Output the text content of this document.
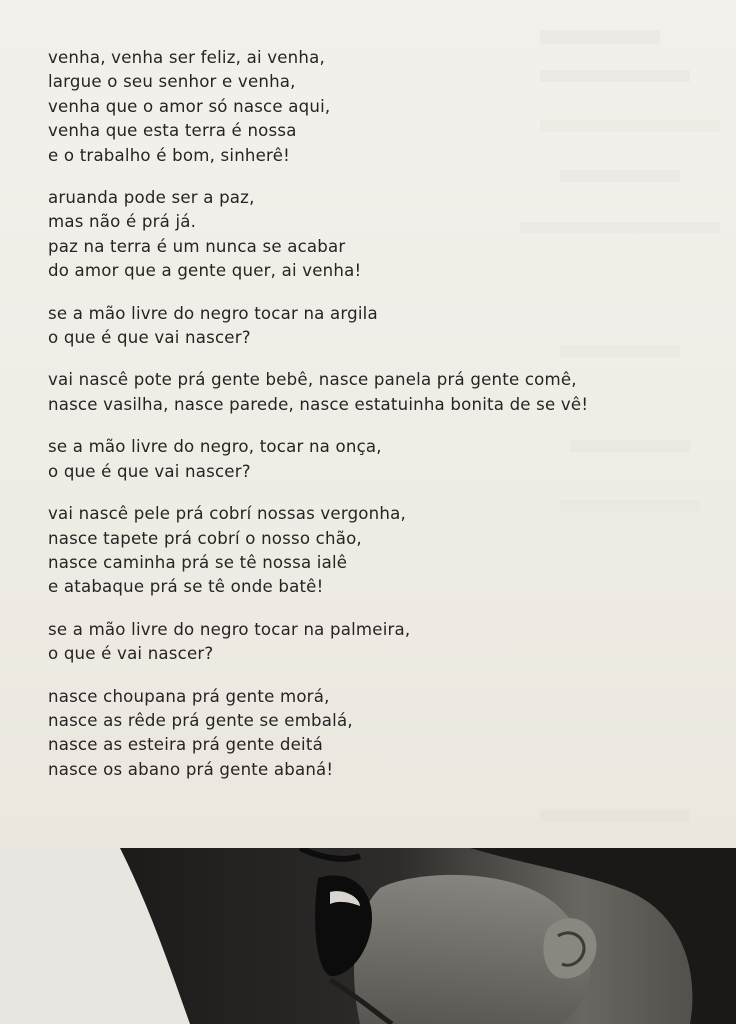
venha, venha ser feliz, ai venha,
largue o seu senhor e venha,
venha que o amor só nasce aqui,
venha que esta terra é nossa
e o trabalho é bom, sinherê!
aruanda pode ser a paz,
mas não é prá já.
paz na terra é um nunca se acabar
do amor que a gente quer, ai venha!
se a mão livre do negro tocar na argila
o que é que vai nascer?
vai nascê pote prá gente bebê, nasce panela prá gente comê,
nasce vasilha, nasce parede, nasce estatuinha bonita de se vê!
se a mão livre do negro, tocar na onça,
o que é que vai nascer?
vai nascê pele prá cobrí nossas vergonha,
nasce tapete prá cobrí o nosso chão,
nasce caminha prá se tê nossa ialê
e atabaque prá se tê onde batê!
se a mão livre do negro tocar na palmeira,
o que é vai nascer?
nasce choupana prá gente morá,
nasce as rêde prá gente se embalá,
nasce as esteira prá gente deitá
nasce os abano prá gente abaná!
